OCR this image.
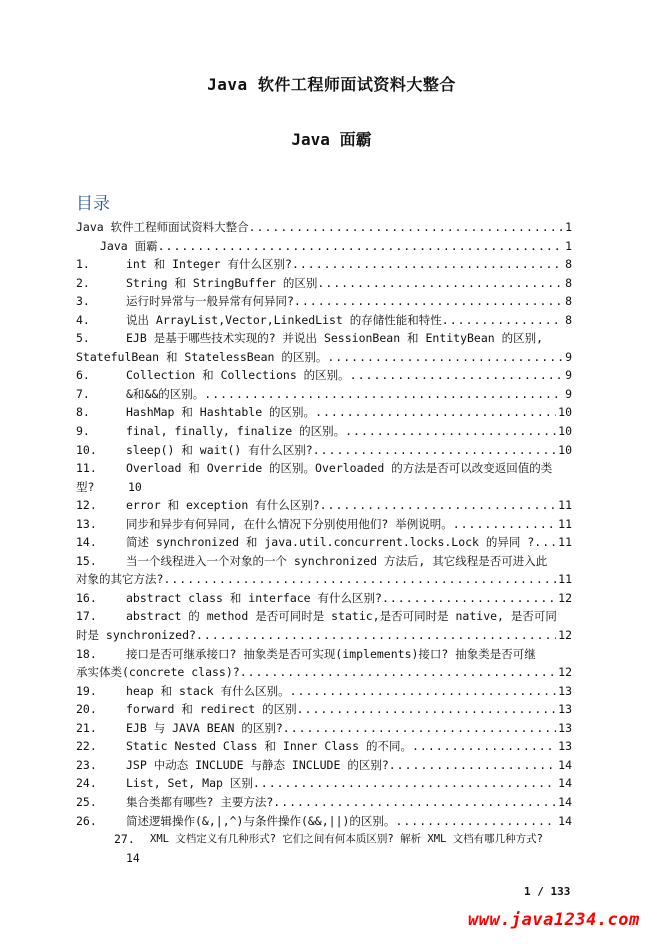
Java 软件工程师面试资料大整合
Java 面霸
目录
Java 软件工程师面试资料大整合 .....	1
Java 面霸 .....	1
1.	int 和 Integer 有什么区别? .....	8
2.	String 和 StringBuffer 的区别 .....	8
3.	运行时异常与一般异常有何异同? .....	8
4.	说出 ArrayList,Vector,LinkedList 的存储性能和特性 .....	8
5.	EJB 是基于哪些技术实现的? 并说出 SessionBean 和 EntityBean 的区别,
StatefulBean 和 StatelessBean 的区别。 .....	9
6.	Collection 和 Collections 的区别。 .....	9
7.	&和&&的区别。 .....	9
8.	HashMap 和 Hashtable 的区别。 .....	10
9.	final, finally, finalize 的区别。 .....	10
10.	sleep() 和 wait() 有什么区别? .....	10
11.	Overload 和 Override 的区别。Overloaded 的方法是否可以改变返回值的类
型?	10
12.	error 和 exception 有什么区别? .....	11
13.	同步和异步有何异同, 在什么情况下分别使用他们? 举例说明。 .....	11
14.	简述 synchronized 和 java.util.concurrent.locks.Lock 的异同 ? ..... 11
15.	当一个线程进入一个对象的一个 synchronized 方法后, 其它线程是否可进入此
对象的其它方法? .....	11
16.	abstract class 和 interface 有什么区别? .....	12
17.	abstract 的 method 是否可同时是 static,是否可同时是 native, 是否可同
时是 synchronized? .....	12
18.	接口是否可继承接口? 抽象类是否可实现(implements)接口? 抽象类是否可继
承实体类(concrete class)? .....	12
19.	heap 和 stack 有什么区别。 .....	13
20.	forward 和 redirect 的区别 .....	13
21.	EJB 与 JAVA BEAN 的区别? .....	13
22.	Static Nested Class 和 Inner Class 的不同。 .....	13
23.	JSP 中动态 INCLUDE 与静态 INCLUDE 的区别? .....	14
24.	List, Set, Map 区别 .....	14
25.	集合类都有哪些? 主要方法? .....	14
26.	简述逻辑操作(&,|,^)与条件操作(&&,||)的区别。 .....	14
27.	XML 文档定义有几种形式? 它们之间有何本质区别? 解析 XML 文档有哪几种方式?
14
1 / 133
www.java1234.com
